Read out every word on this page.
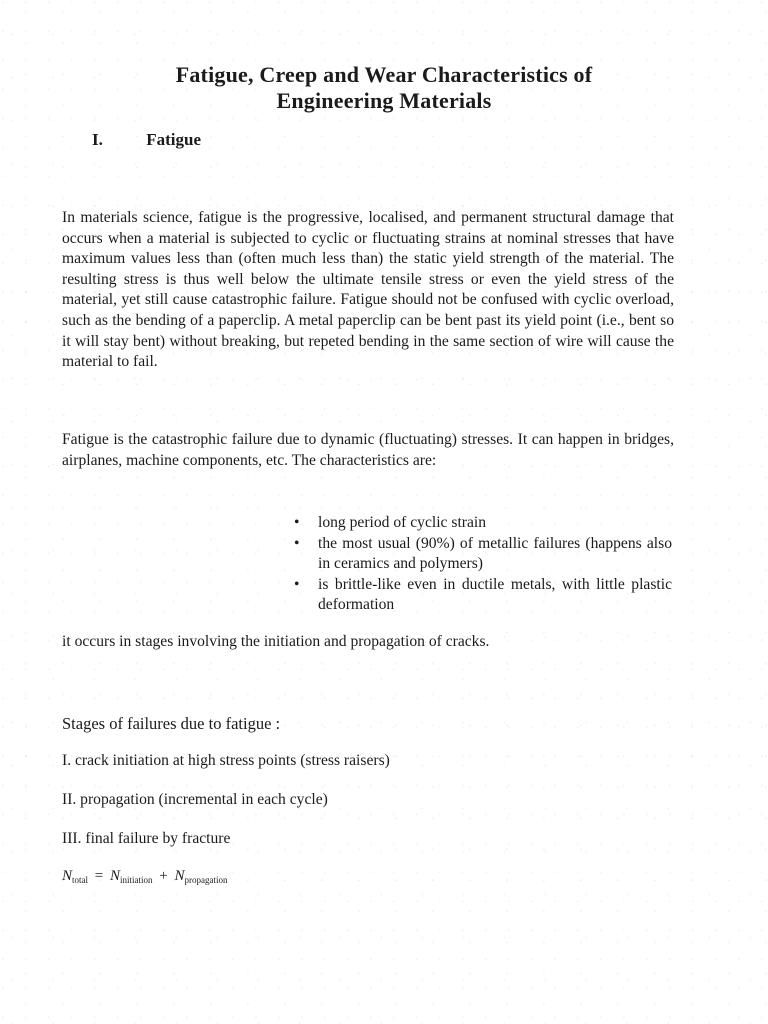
Fatigue, Creep and Wear Characteristics of
Engineering Materials
I.	Fatigue
In materials science, fatigue is the progressive, localised, and permanent structural damage that occurs when a material is subjected to cyclic or fluctuating strains at nominal stresses that have maximum values less than (often much less than) the static yield strength of the material. The resulting stress is thus well below the ultimate tensile stress or even the yield stress of the material, yet still cause catastrophic failure. Fatigue should not be confused with cyclic overload, such as the bending of a paperclip. A metal paperclip can be bent past its yield point (i.e., bent so it will stay bent) without breaking, but repeted bending in the same section of wire will cause the material to fail.
Fatigue is the catastrophic failure due to dynamic (fluctuating) stresses. It can happen in bridges, airplanes, machine components, etc. The characteristics are:
• long period of cyclic strain
• the most usual (90%) of metallic failures (happens also in ceramics and polymers)
• is brittle-like even in ductile metals, with little plastic deformation
it occurs in stages involving the initiation and propagation of cracks.
Stages of failures due to fatigue :
I. crack initiation at high stress points (stress raisers)
II. propagation (incremental in each cycle)
III. final failure by fracture
$N_{total} = N_{initiation} + N_{propagation}$
